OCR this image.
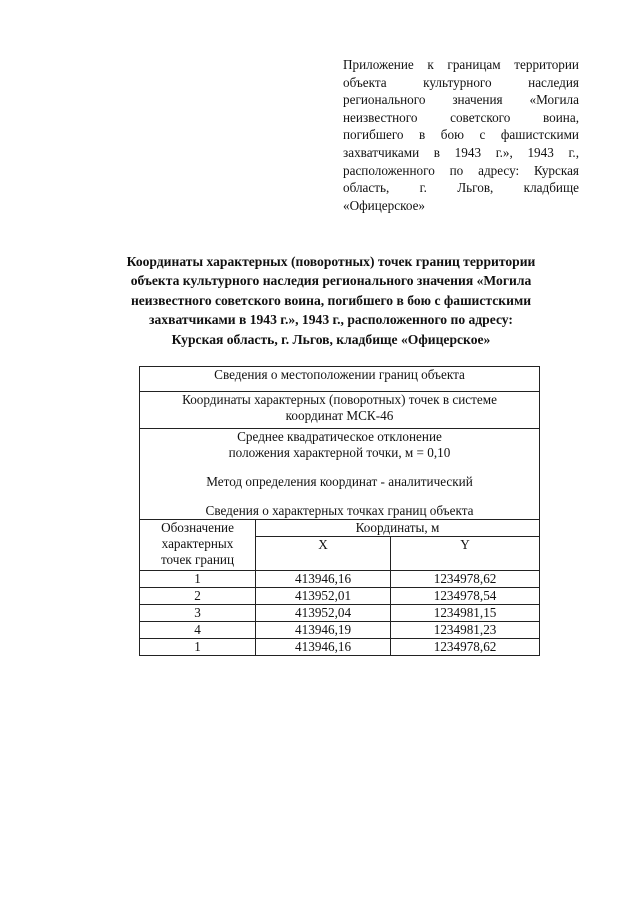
Приложение к границам территории
объекта культурного наследия
регионального значения «Могила
неизвестного советского воина,
погибшего в бою с фашистскими
захватчиками в 1943 г.», 1943 г.,
расположенного по адресу: Курская
область, г. Льгов, кладбище
«Офицерское»
Координаты характерных (поворотных) точек границ территории
объекта культурного наследия регионального значения «Могила
неизвестного советского воина, погибшего в бою с фашистскими
захватчиками в 1943 г.», 1943 г., расположенного по адресу:
Курская область, г. Льгов, кладбище «Офицерское»
Сведения о местоположении границ объекта		

Координаты характерных (поворотных) точек в системе
координат МСК-46		

Среднее квадратическое отклонение
положения характерной точки, м = 0,10
Метод определения координат - аналитический
Сведения о характерных точках границ объекта		

Обозначение
характерных
точек границ	Координаты, м	
	X	Y
1	413946,16	1234978,62
2	413952,01	1234978,54
3	413952,04	1234981,15
4	413946,19	1234981,23
1	413946,16	1234978,62
